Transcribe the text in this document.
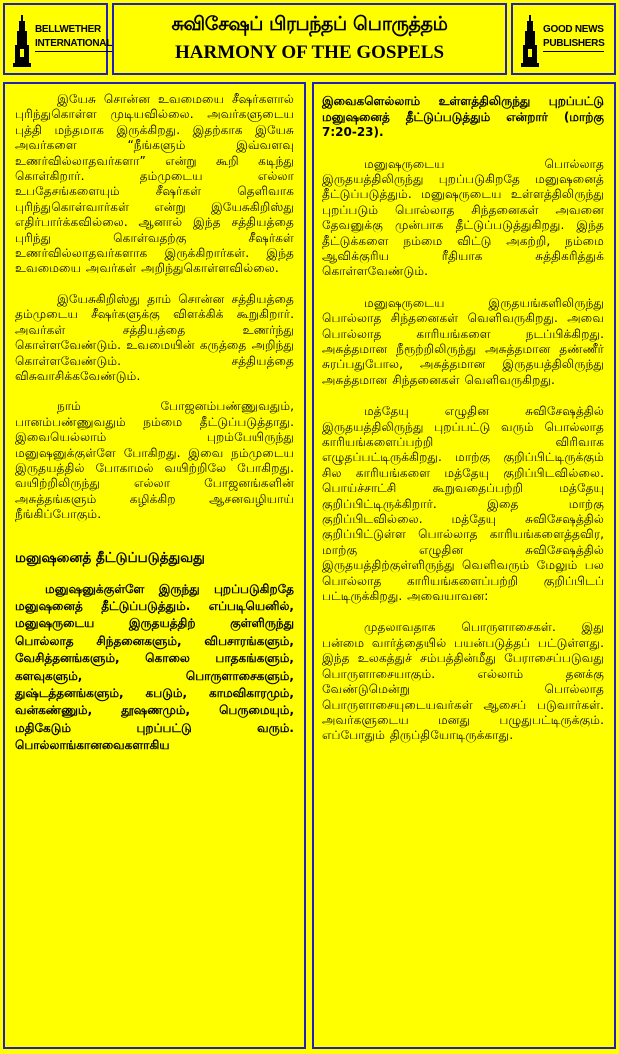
BELLWETHER
INTERNATIONAL
சுவிசேஷப் பிரபந்தப் பொருத்தம்
HARMONY OF THE GOSPELS
GOOD NEWS
PUBLISHERS

இயேசு சொன்ன உவமையை சீஷர்களால் புரிந்துகொள்ள முடியவில்லை. அவர்களுடைய புத்தி மந்தமாக இருக்கிறது. இதற்காக இயேசு அவர்களை “நீங்களும் இவ்வளவு உணர்வில்லாதவர்களா” என்று கூறி கடிந்து கொள்கிறார். தம்முடைய எல்லா உபதேசங்களையும் சீஷர்கள் தெளிவாக புரிந்துகொள்வார்கள் என்று இயேசுகிறிஸ்து எதிர்பார்க்கவில்லை. ஆனால் இந்த சத்தியத்தை புரிந்து கொள்வதற்கு சீஷர்கள் உணர்வில்லாதவர்களாக இருக்கிறார்கள். இந்த உவமையை அவர்கள் அறிந்துகொள்ளவில்லை.

இயேசுகிறிஸ்து தாம் சொன்ன சத்தியத்தை தம்முடைய சீஷர்களுக்கு விளக்கிக் கூறுகிறார். அவர்கள் சத்தியத்தை உணர்ந்து கொள்ளவேண்டும். உவமையின் கருத்தை அறிந்து கொள்ளவேண்டும். சத்தியத்தை விசுவாசிக்கவேண்டும்.

நாம் போஜனம்பண்ணுவதும், பானம்பண்ணுவதும் நம்மை தீட்டுப்படுத்தாது. இவையெல்லாம் புறம்பேயிருந்து மனுஷனுக்குள்ளே போகிறது. இவை நம்முடைய இருதயத்தில் போகாமல் வயிற்றிலே போகிறது. வயிற்றிலிருந்து எல்லா போஜனங்களின் அசுத்தங்களும் கழிக்கிற ஆசனவழியாய் நீங்கிப்போகும்.

மனுஷனைத் தீட்டுப்படுத்துவது

மனுஷனுக்குள்ளே இருந்து புறப்படுகிறதே மனுஷனைத் தீட்டுப்படுத்தும். எப்படியெனில், மனுஷருடைய இருதயத்திற் குள்ளிருந்து பொல்லாத சிந்தனைகளும், விபசாரங்களும், வேசித்தனங்களும், கொலை பாதகங்களும், களவுகளும், பொருளாசைகளும், துஷ்டத்தனங்களும், கபடும், காமவிகாரமும், வன்கண்ணும், தூஷணமும், பெருமையும், மதிகேடும் புறப்பட்டு வரும். பொல்லாங்கானவைகளாகிய

இவைகளெல்லாம் உள்ளத்திலிருந்து புறப்பட்டு மனுஷனைத் தீட்டுப்படுத்தும் என்றார் (மாற்கு 7:20-23).

மனுஷருடைய பொல்லாத இருதயத்திலிருந்து புறப்படுகிறதே மனுஷனைத் தீட்டுப்படுத்தும். மனுஷருடைய உள்ளத்திலிருந்து புறப்படும் பொல்லாத சிந்தனைகள் அவனை தேவனுக்கு முன்பாக தீட்டுப்படுத்துகிறது. இந்த தீட்டுக்களை நம்மை விட்டு அகற்றி, நம்மை ஆவிக்குரிய ரீதியாக சுத்திகரித்துக் கொள்ளவேண்டும்.

மனுஷருடைய இருதயங்களிலிருந்து பொல்லாத சிந்தனைகள் வெளிவருகிறது. அவை பொல்லாத காரியங்களை நடப்பிக்கிறது. அசுத்தமான நீரூற்றிலிருந்து அசுத்தமான தண்ணீர் சுரப்பதுபோல, அசுத்தமான இருதயத்திலிருந்து அசுத்தமான சிந்தனைகள் வெளிவருகிறது.

மத்தேயு எழுதின சுவிசேஷத்தில் இருதயத்திலிருந்து புறப்பட்டு வரும் பொல்லாத காரியங்களைப்பற்றி விரிவாக எழுதப்பட்டிருக்கிறது. மாற்கு குறிப்பிட்டிருக்கும் சில காரியங்களை மத்தேயு குறிப்பிடவில்லை. பொய்ச்சாட்சி கூறுவதைப்பற்றி மத்தேயு குறிப்பிட்டிருக்கிறார். இதை மாற்கு குறிப்பிடவில்லை. மத்தேயு சுவிசேஷத்தில் குறிப்பிட்டுள்ள பொல்லாத காரியங்களைத்தவிர, மாற்கு எழுதின சுவிசேஷத்தில் இருதயத்திற்குள்ளிருந்து வெளிவரும் மேலும் பல பொல்லாத காரியங்களைப்பற்றி குறிப்பிடப் பட்டிருக்கிறது. அவையாவன:

முதலாவதாக பொருளாசைகள். இது பன்மை வார்த்தையில் பயன்படுத்தப் பட்டுள்ளது. இந்த உலகத்துச் சம்பத்தின்மீது பேராசைப்படுவது பொருளாசையாகும். எல்லாம் தனக்கு வேண்டுமென்று பொல்லாத பொருளாசையுடையவர்கள் ஆசைப் படுவார்கள். அவர்களுடைய மனது பழுதுபட்டிருக்கும். எப்போதும் திருப்தியோடிருக்காது.
